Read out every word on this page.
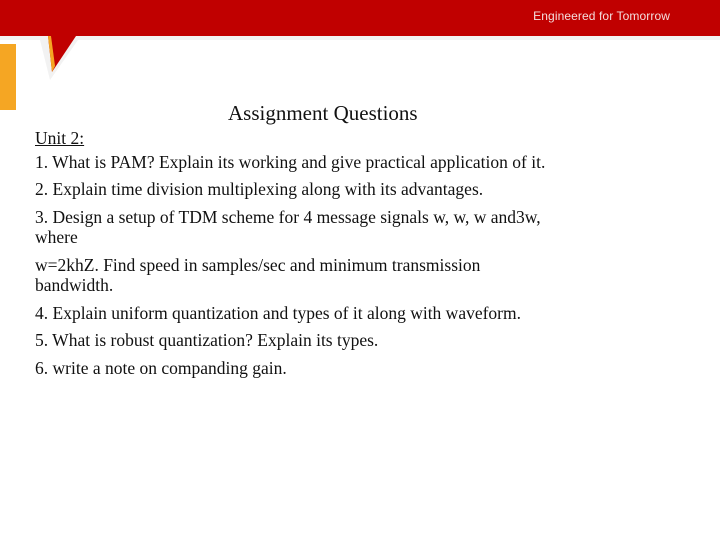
Engineered for Tomorrow
Assignment Questions
Unit 2:
1. What is PAM? Explain its working and give practical application of it.
2. Explain time division multiplexing along with its advantages.
3. Design a setup of TDM scheme for 4 message signals w, w, w and3w,
where
w=2khZ. Find speed in samples/sec and minimum transmission
bandwidth.
4. Explain uniform quantization and types of it along with waveform.
5. What is robust quantization? Explain its types.
6. write a note on companding gain.
